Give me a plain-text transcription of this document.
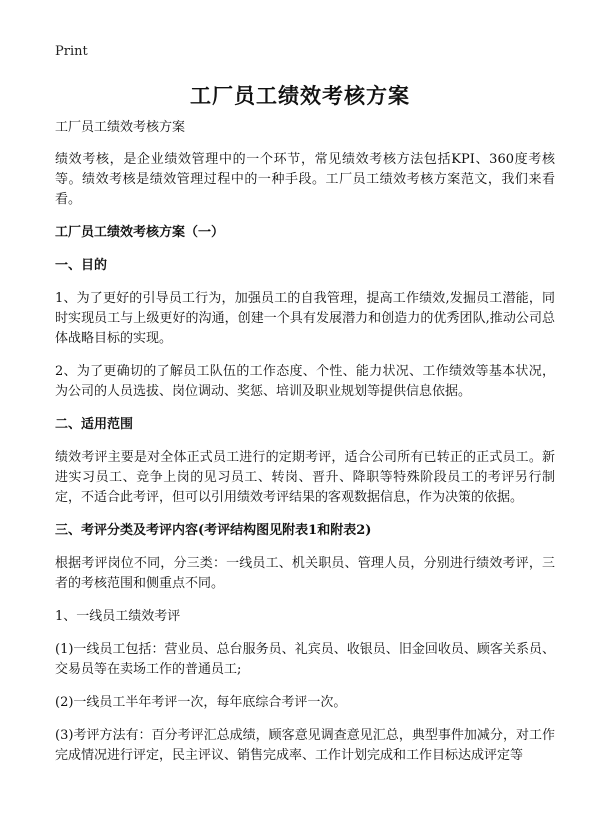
Print
工厂员工绩效考核方案

工厂员工绩效考核方案

绩效考核，是企业绩效管理中的一个环节，常见绩效考核方法包括KPI、360度考核等。绩效考核是绩效管理过程中的一种手段。工厂员工绩效考核方案范文，我们来看看。

工厂员工绩效考核方案（一）

一、目的

1、为了更好的引导员工行为，加强员工的自我管理，提高工作绩效,发掘员工潜能，同时实现员工与上级更好的沟通，创建一个具有发展潜力和创造力的优秀团队,推动公司总体战略目标的实现。

2、为了更确切的了解员工队伍的工作态度、个性、能力状况、工作绩效等基本状况，为公司的人员选拔、岗位调动、奖惩、培训及职业规划等提供信息依据。

二、适用范围

绩效考评主要是对全体正式员工进行的定期考评，适合公司所有已转正的正式员工。新进实习员工、竞争上岗的见习员工、转岗、晋升、降职等特殊阶段员工的考评另行制定，不适合此考评，但可以引用绩效考评结果的客观数据信息，作为决策的依据。

三、考评分类及考评内容(考评结构图见附表1和附表2)

根据考评岗位不同，分三类：一线员工、机关职员、管理人员，分别进行绩效考评，三者的考核范围和侧重点不同。

1、一线员工绩效考评

(1)一线员工包括：营业员、总台服务员、礼宾员、收银员、旧金回收员、顾客关系员、交易员等在卖场工作的普通员工;

(2)一线员工半年考评一次，每年底综合考评一次。

(3)考评方法有：百分考评汇总成绩，顾客意见调查意见汇总，典型事件加减分，对工作完成情况进行评定，民主评议、销售完成率、工作计划完成和工作目标达成评定等
